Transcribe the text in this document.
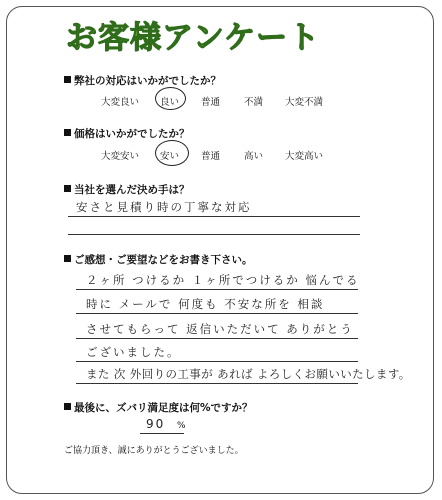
お客様アンケート
弊社の対応はいかがでしたか？
大変良い 良い 普通	不満 大変不満
価格はいかがでしたか？
大変安い 安い 普通	高い 大変高い
当社を選んだ決め手は？
安さと見積り時の丁寧な対応
ご感想・ご要望などをお書き下さい。
２ヶ所 つけるか １ヶ所でつけるか 悩んでる
時に メールで 何度も 不安な所を 相談
させてもらって 返信いただいて ありがとう
ございました。
また 次 外回りの工事が あれば よろしくお願いいたします。
最後に、ズバリ満足度は何%ですか？
90 %
ご協力頂き、誠にありがとうございました。
